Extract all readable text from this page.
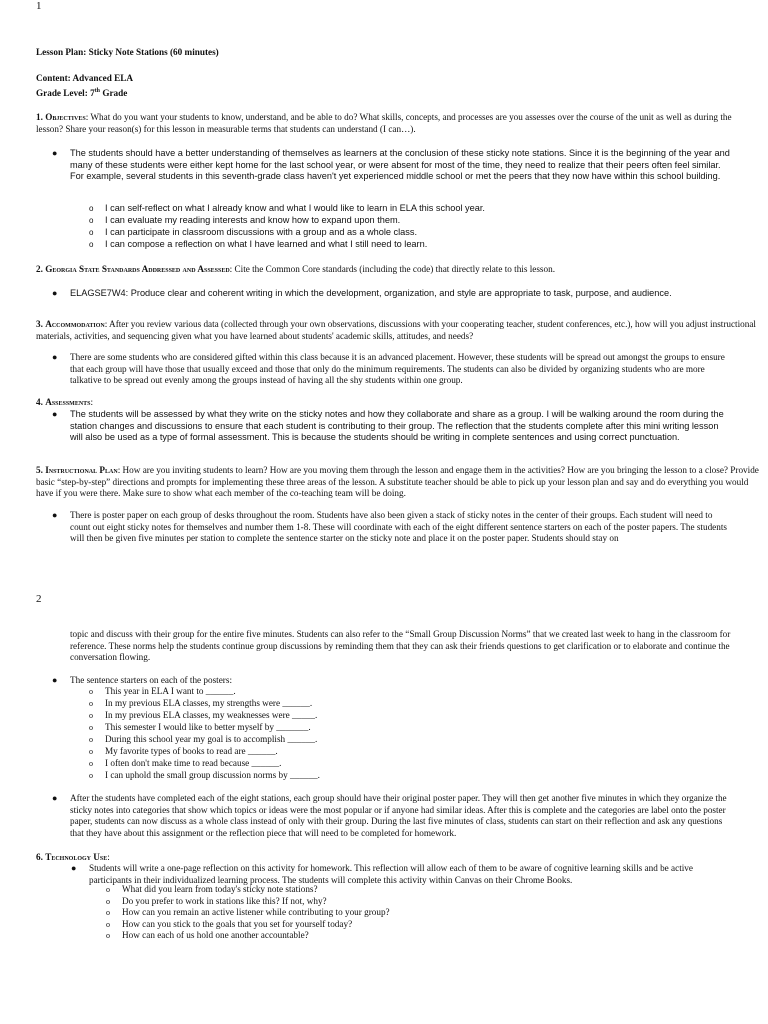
1
Lesson Plan: Sticky Note Stations (60 minutes)
Content: Advanced ELA
Grade Level: 7th Grade
1. Objectives: What do you want your students to know, understand, and be able to do? What skills, concepts, and processes are you assesses over the course of the unit as well as during the lesson? Share your reason(s) for this lesson in measurable terms that students can understand (I can…).
● The students should have a better understanding of themselves as learners at the conclusion of these sticky note stations. Since it is the beginning of the year and many of these students were either kept home for the last school year, or were absent for most of the time, they need to realize that their peers often feel similar. For example, several students in this seventh-grade class haven't yet experienced middle school or met the peers that they now have within this school building.
o I can self-reflect on what I already know and what I would like to learn in ELA this school year.
o I can evaluate my reading interests and know how to expand upon them.
o I can participate in classroom discussions with a group and as a whole class.
o I can compose a reflection on what I have learned and what I still need to learn.
2. Georgia State Standards Addressed and Assessed: Cite the Common Core standards (including the code) that directly relate to this lesson.
● ELAGSE7W4: Produce clear and coherent writing in which the development, organization, and style are appropriate to task, purpose, and audience.
3. Accommodation: After you review various data (collected through your own observations, discussions with your cooperating teacher, student conferences, etc.), how will you adjust instructional materials, activities, and sequencing given what you have learned about students' academic skills, attitudes, and needs?
● There are some students who are considered gifted within this class because it is an advanced placement. However, these students will be spread out amongst the groups to ensure that each group will have those that usually exceed and those that only do the minimum requirements. The students can also be divided by organizing students who are more talkative to be spread out evenly among the groups instead of having all the shy students within one group.
4. Assessments:
● The students will be assessed by what they write on the sticky notes and how they collaborate and share as a group. I will be walking around the room during the station changes and discussions to ensure that each student is contributing to their group. The reflection that the students complete after this mini writing lesson will also be used as a type of formal assessment. This is because the students should be writing in complete sentences and using correct punctuation.
5. Instructional Plan: How are you inviting students to learn? How are you moving them through the lesson and engage them in the activities? How are you bringing the lesson to a close? Provide basic “step-by-step” directions and prompts for implementing these three areas of the lesson. A substitute teacher should be able to pick up your lesson plan and say and do everything you would have if you were there. Make sure to show what each member of the co-teaching team will be doing.
● There is poster paper on each group of desks throughout the room. Students have also been given a stack of sticky notes in the center of their groups. Each student will need to count out eight sticky notes for themselves and number them 1-8. These will coordinate with each of the eight different sentence starters on each of the poster papers. The students will then be given five minutes per station to complete the sentence starter on the sticky note and place it on the poster paper. Students should stay on
2
topic and discuss with their group for the entire five minutes. Students can also refer to the “Small Group Discussion Norms” that we created last week to hang in the classroom for reference. These norms help the students continue group discussions by reminding them that they can ask their friends questions to get clarification or to elaborate and continue the conversation flowing.
● The sentence starters on each of the posters:
o This year in ELA I want to ______.
o In my previous ELA classes, my strengths were ______.
o In my previous ELA classes, my weaknesses were _____.
o This semester I would like to better myself by _______.
o During this school year my goal is to accomplish ______.
o My favorite types of books to read are ______.
o I often don't make time to read because ______.
o I can uphold the small group discussion norms by ______.
● After the students have completed each of the eight stations, each group should have their original poster paper. They will then get another five minutes in which they organize the sticky notes into categories that show which topics or ideas were the most popular or if anyone had similar ideas. After this is complete and the categories are label onto the poster paper, students can now discuss as a whole class instead of only with their group. During the last five minutes of class, students can start on their reflection and ask any questions that they have about this assignment or the reflection piece that will need to be completed for homework.
6. Technology Use:
● Students will write a one-page reflection on this activity for homework. This reflection will allow each of them to be aware of cognitive learning skills and be active participants in their individualized learning process. The students will complete this activity within Canvas on their Chrome Books.
o What did you learn from today's sticky note stations?
o Do you prefer to work in stations like this? If not, why?
o How can you remain an active listener while contributing to your group?
o How can you stick to the goals that you set for yourself today?
o How can each of us hold one another accountable?
